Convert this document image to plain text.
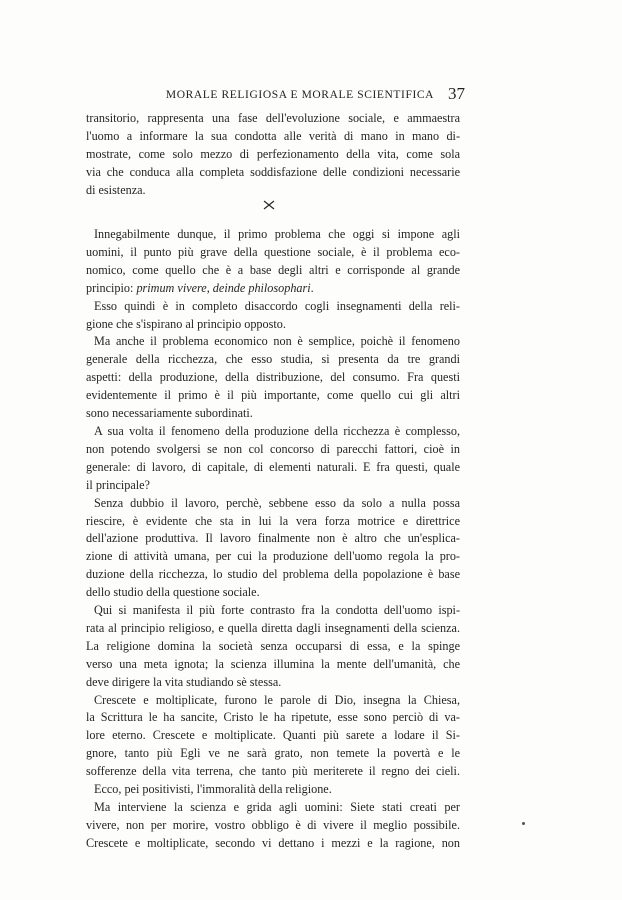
MORALE RELIGIOSA E MORALE SCIENTIFICA 37

transitorio, rappresenta una fase dell'evoluzione sociale, e ammaestra

l'uomo a informare la sua condotta alle verità di mano in mano di-

mostrate, come solo mezzo di perfezionamento della vita, come sola

via che conduca alla completa soddisfazione delle condizioni necessarie

di esistenza.

Innegabilmente dunque, il primo problema che oggi si impone agli

uomini, il punto più grave della questione sociale, è il problema eco-

nomico, come quello che è a base degli altri e corrisponde al grande

principio: primum vivere, deinde philosophari.

Esso quindi è in completo disaccordo cogli insegnamenti della reli-

gione che s'ispirano al principio opposto.

Ma anche il problema economico non è semplice, poichè il fenomeno

generale della ricchezza, che esso studia, si presenta da tre grandi

aspetti: della produzione, della distribuzione, del consumo. Fra questi

evidentemente il primo è il più importante, come quello cui gli altri

sono necessariamente subordinati.

A sua volta il fenomeno della produzione della ricchezza è complesso,

non potendo svolgersi se non col concorso di parecchi fattori, cioè in

generale: di lavoro, di capitale, di elementi naturali. E fra questi, quale

il principale?

Senza dubbio il lavoro, perchè, sebbene esso da solo a nulla possa

riescire, è evidente che sta in lui la vera forza motrice e direttrice

dell'azione produttiva. Il lavoro finalmente non è altro che un'esplica-

zione di attività umana, per cui la produzione dell'uomo regola la pro-

duzione della ricchezza, lo studio del problema della popolazione è base

dello studio della questione sociale.

Qui si manifesta il più forte contrasto fra la condotta dell'uomo ispi-

rata al principio religioso, e quella diretta dagli insegnamenti della scienza.

La religione domina la società senza occuparsi di essa, e la spinge

verso una meta ignota; la scienza illumina la mente dell'umanità, che

deve dirigere la vita studiando sè stessa.

Crescete e moltiplicate, furono le parole di Dio, insegna la Chiesa,

la Scrittura le ha sancite, Cristo le ha ripetute, esse sono perciò di va-

lore eterno. Crescete e moltiplicate. Quanti più sarete a lodare il Si-

gnore, tanto più Egli ve ne sarà grato, non temete la povertà e le

sofferenze della vita terrena, che tanto più meriterete il regno dei cieli.

Ecco, pei positivisti, l'immoralità della religione.

Ma interviene la scienza e grida agli uomini: Siete stati creati per

vivere, non per morire, vostro obbligo è di vivere il meglio possibile.

Crescete e moltiplicate, secondo vi dettano i mezzi e la ragione, non
